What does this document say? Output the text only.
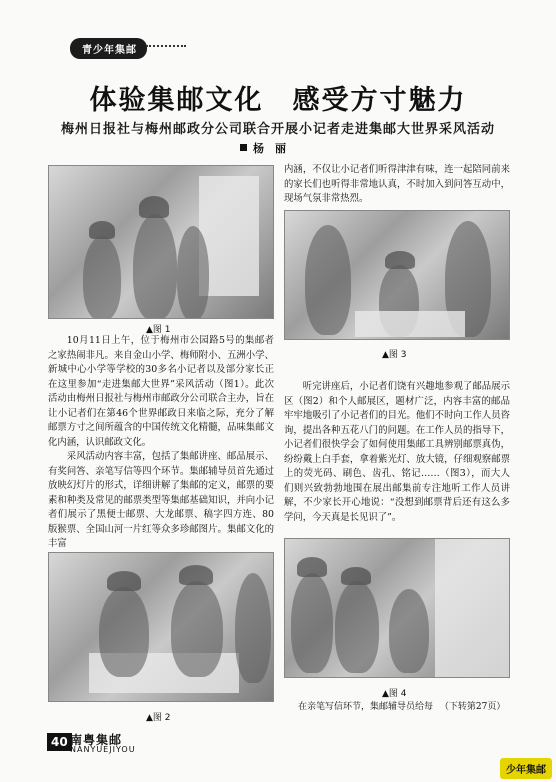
青少年集邮
体验集邮文化　感受方寸魅力
梅州日报社与梅州邮政分公司联合开展小记者走进集邮大世界采风活动
杨　丽
▲图 1

10月11日上午，位于梅州市公园路5号的集邮者之家热闹非凡。来自金山小学、梅师附小、五洲小学、新城中心小学等学校的30多名小记者以及部分家长正在这里参加“走进集邮大世界”采风活动（图1）。此次活动由梅州日报社与梅州市邮政分公司联合主办，旨在让小记者们在第46个世界邮政日来临之际，充分了解邮票方寸之间所蕴含的中国传统文化精髓，品味集邮文化内涵，认识邮政文化。

采风活动内容丰富，包括了集邮讲座、邮品展示、有奖问答、亲笔写信等四个环节。集邮辅导员首先通过放映幻灯片的形式，详细讲解了集邮的定义，邮票的要素和种类及常见的邮票类型等集邮基础知识，并向小记者们展示了黑便士邮票、大龙邮票、稿字四方连、80版猴票、全国山河一片红等众多珍邮图片。集邮文化的丰富

▲图 2

内涵，不仅让小记者们听得津津有味，连一起陪同前来的家长们也听得非常地认真，不时加入到问答互动中，现场气氛非常热烈。

▲图 3

听完讲座后，小记者们饶有兴趣地参观了邮品展示区（图2）和个人邮展区，题材广泛，内容丰富的邮品牢牢地吸引了小记者们的目光。他们不时向工作人员咨询，提出各种五花八门的问题。在工作人员的指导下，小记者们很快学会了如何使用集邮工具辨别邮票真伪，纷纷戴上白手套，拿着紫光灯、放大镜，仔细观察邮票上的荧光码、刷色、齿孔、铭记……（图3），而大人们则兴致勃勃地围在展出邮集前专注地听工作人员讲解，不少家长开心地说：“没想到邮票背后还有这么多学问，今天真是长见识了”。

▲图 4

在亲笔写信环节，集邮辅导员给每 （下转第27页）

40 南粤集邮
NANYUEJIYOU
少年集邮
